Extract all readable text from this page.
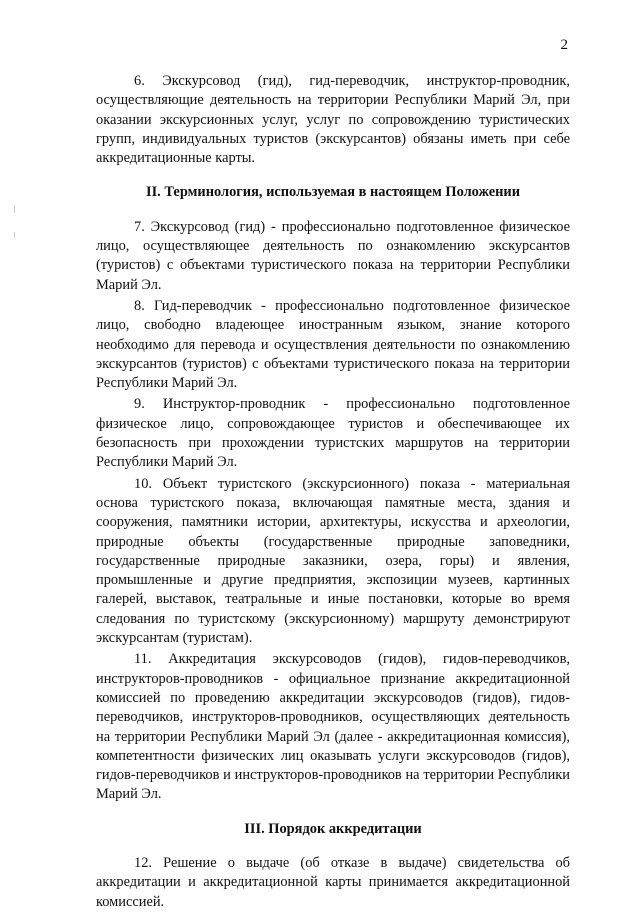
2

6. Экскурсовод (гид), гид-переводчик, инструктор-проводник, осуществляющие деятельность на территории Республики Марий Эл, при оказании экскурсионных услуг, услуг по сопровождению туристических групп, индивидуальных туристов (экскурсантов) обязаны иметь при себе аккредитационные карты.

II. Терминология, используемая в настоящем Положении

7. Экскурсовод (гид) - профессионально подготовленное физическое лицо, осуществляющее деятельность по ознакомлению экскурсантов (туристов) с объектами туристического показа на территории Республики Марий Эл.

8. Гид-переводчик - профессионально подготовленное физическое лицо, свободно владеющее иностранным языком, знание которого необходимо для перевода и осуществления деятельности по ознакомлению экскурсантов (туристов) с объектами туристического показа на территории Республики Марий Эл.

9. Инструктор-проводник - профессионально подготовленное физическое лицо, сопровождающее туристов и обеспечивающее их безопасность при прохождении туристских маршрутов на территории Республики Марий Эл.

10. Объект туристского (экскурсионного) показа - материальная основа туристского показа, включающая памятные места, здания и сооружения, памятники истории, архитектуры, искусства и археологии, природные объекты (государственные природные заповедники, государственные природные заказники, озера, горы) и явления, промышленные и другие предприятия, экспозиции музеев, картинных галерей, выставок, театральные и иные постановки, которые во время следования по туристскому (экскурсионному) маршруту демонстрируют экскурсантам (туристам).

11. Аккредитация экскурсоводов (гидов), гидов-переводчиков, инструкторов-проводников - официальное признание аккредитационной комиссией по проведению аккредитации экскурсоводов (гидов), гидов-переводчиков, инструкторов-проводников, осуществляющих деятельность на территории Республики Марий Эл (далее - аккредитационная комиссия), компетентности физических лиц оказывать услуги экскурсоводов (гидов), гидов-переводчиков и инструкторов-проводников на территории Республики Марий Эл.

III. Порядок аккредитации

12. Решение о выдаче (об отказе в выдаче) свидетельства об аккредитации и аккредитационной карты принимается аккредитационной комиссией.
